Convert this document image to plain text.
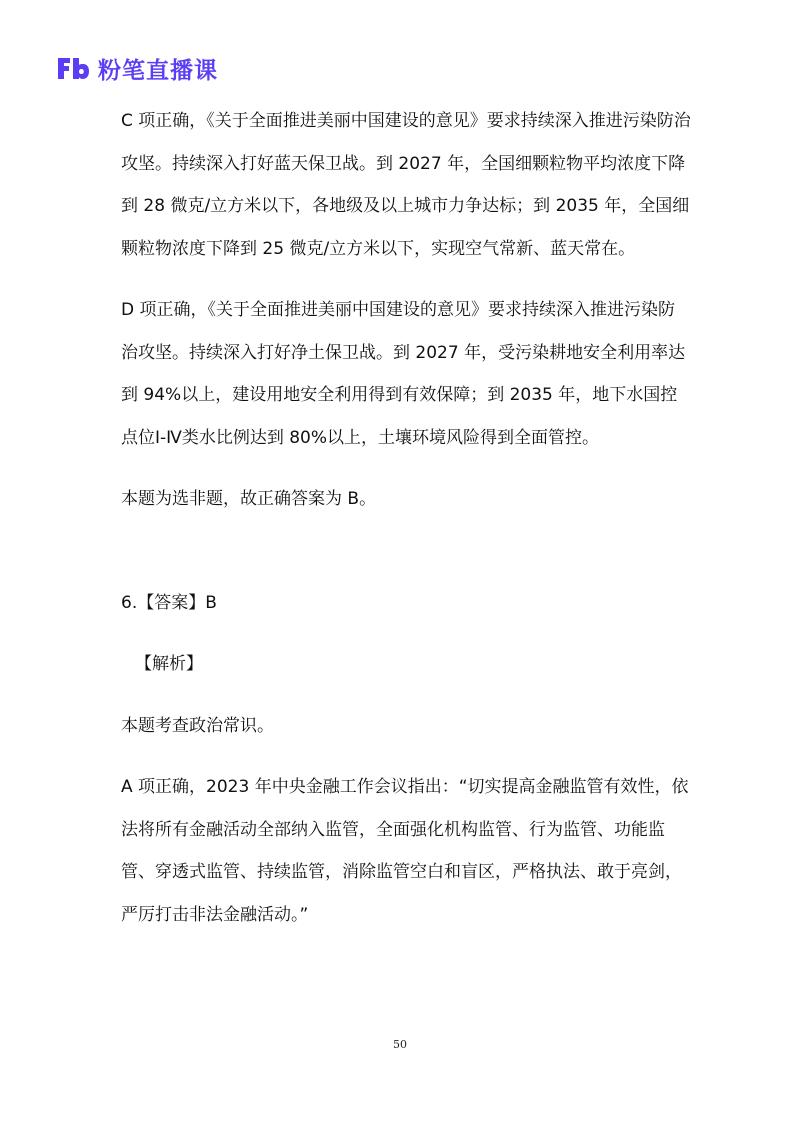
粉笔直播课

C 项正确，《关于全面推进美丽中国建设的意见》要求持续深入推进污染防治攻坚。持续深入打好蓝天保卫战。到 2027 年，全国细颗粒物平均浓度下降到 28 微克/立方米以下，各地级及以上城市力争达标；到 2035 年，全国细颗粒物浓度下降到 25 微克/立方米以下，实现空气常新、蓝天常在。

D 项正确，《关于全面推进美丽中国建设的意见》要求持续深入推进污染防治攻坚。持续深入打好净土保卫战。到 2027 年，受污染耕地安全利用率达到 94%以上，建设用地安全利用得到有效保障；到 2035 年，地下水国控点位Ⅰ-Ⅳ类水比例达到 80%以上，土壤环境风险得到全面管控。

本题为选非题，故正确答案为 B。

6.【答案】B

【解析】

本题考查政治常识。

A 项正确，2023 年中央金融工作会议指出：“切实提高金融监管有效性，依法将所有金融活动全部纳入监管，全面强化机构监管、行为监管、功能监管、穿透式监管、持续监管，消除监管空白和盲区，严格执法、敢于亮剑，严厉打击非法金融活动。”

50
